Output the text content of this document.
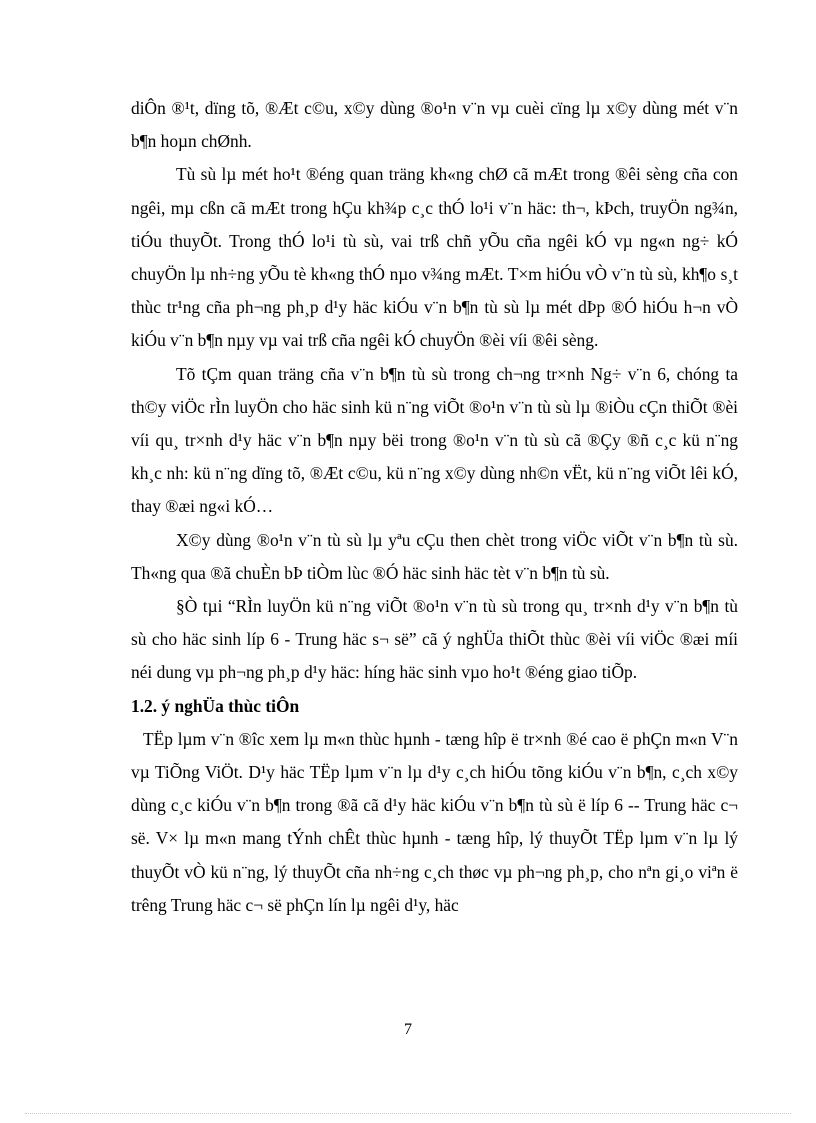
diÔn ®¹t, dïng tõ, ®Æt c©u, x©y dùng ®o¹n v¨n vµ cuèi cïng lµ x©y dùng mét v¨n b¶n hoµn chØnh.

Tù sù lµ mét ho¹t ®éng quan träng kh«ng chØ cã mÆt trong ®êi sèng cña con ngêi, mµ cßn cã mÆt trong hÇu kh¾p c¸c thÓ lo¹i v¨n häc: th¬, kÞch, truyÖn ng¾n, tiÓu thuyÕt. Trong thÓ lo¹i tù sù, vai trß chñ yÕu cña ngêi kÓ vµ ng«n ng÷ kÓ chuyÖn lµ nh÷ng yÕu tè kh«ng thÓ nµo v¾ng mÆt. T×m hiÓu vÒ v¨n tù sù, kh¶o s¸t thùc tr¹ng cña ph¬ng ph¸p d¹y häc kiÓu v¨n b¶n tù sù lµ mét dÞp ®Ó hiÓu h¬n vÒ kiÓu v¨n b¶n nµy vµ vai trß cña ngêi kÓ chuyÖn ®èi víi ®êi sèng.

Tõ tÇm quan träng cña v¨n b¶n tù sù trong ch¬ng tr×nh Ng÷ v¨n 6, chóng ta th©y viÖc rÌn luyÖn cho häc sinh kü n¨ng viÕt ®o¹n v¨n tù sù lµ ®iÒu cÇn thiÕt ®èi víi qu¸ tr×nh d¹y häc v¨n b¶n nµy bëi trong ®o¹n v¨n tù sù cã ®Çy ®ñ c¸c kü n¨ng kh¸c nh: kü n¨ng dïng tõ, ®Æt c©u, kü n¨ng x©y dùng nh©n vËt, kü n¨ng viÕt lêi kÓ, thay ®æi ng«i kÓ…

X©y dùng ®o¹n v¨n tù sù lµ yªu cÇu then chèt trong viÖc viÕt v¨n b¶n tù sù. Th«ng qua ®ã chuÈn bÞ tiÒm lùc ®Ó häc sinh häc tèt v¨n b¶n tù sù.

§Ò tµi “RÌn luyÖn kü n¨ng viÕt ®o¹n v¨n tù sù trong qu¸ tr×nh d¹y v¨n b¶n tù sù cho häc sinh líp 6 - Trung häc s¬ së” cã ý nghÜa thiÕt thùc ®èi víi viÖc ®æi míi néi dung vµ ph¬ng ph¸p d¹y häc: híng häc sinh vµo ho¹t ®éng giao tiÕp.

1.2. ý nghÜa thùc tiÔn

TËp lµm v¨n ®îc xem lµ m«n thùc hµnh - tæng hîp ë tr×nh ®é cao ë phÇn m«n V¨n vµ TiÕng ViÖt. D¹y häc TËp lµm v¨n lµ d¹y c¸ch hiÓu tõng kiÓu v¨n b¶n, c¸ch x©y dùng c¸c kiÓu v¨n b¶n trong ®ã cã d¹y häc kiÓu v¨n b¶n tù sù ë líp 6 -- Trung häc c¬ së. V× lµ m«n mang tÝnh chÊt thùc hµnh - tæng hîp, lý thuyÕt TËp lµm v¨n lµ lý thuyÕt vÒ kü n¨ng, lý thuyÕt cña nh÷ng c¸ch thøc vµ ph¬ng ph¸p, cho nªn gi¸o viªn ë trêng Trung häc c¬ së phÇn lín lµ ngêi d¹y, häc

7
